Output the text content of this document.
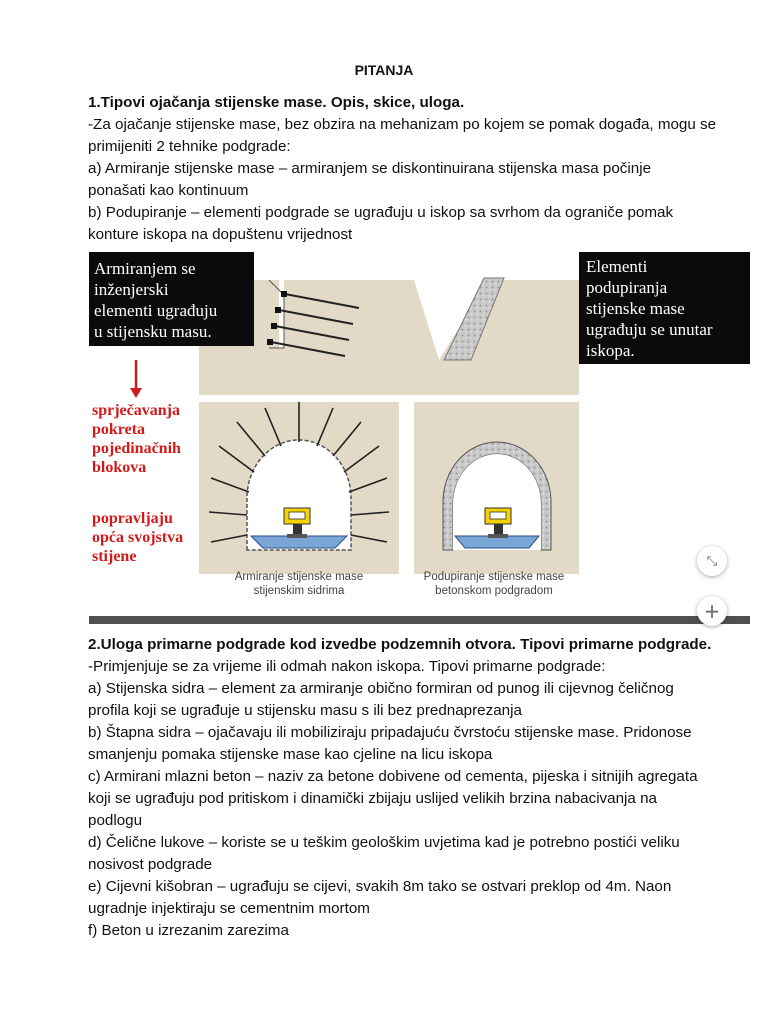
PITANJA

1.Tipovi ojačanja stijenske mase. Opis, skice, uloga.

-Za ojačanje stijenske mase, bez obzira na mehanizam po kojem se pomak događa, mogu se

primijeniti 2 tehnike podgrade:

a) Armiranje stijenske mase – armiranjem se diskontinuirana stijenska masa počinje

ponašati kao kontinuum

b) Podupiranje – elementi podgrade se ugrađuju u iskop sa svrhom da ograniče pomak

konture iskopa na dopuštenu vrijednost

Armiranjem se
inženjerski
elementi ugrađuju
u stijensku masu.
Elementi
podupiranja
stijenske mase
ugrađuju se unutar
iskopa.
sprječavanja
pokreta
pojedinačnih
blokova
popravljaju
opća svojstva
stijene
Armiranje stijenske mase
stijenskim sidrima
Podupiranje stijenske mase
betonskom podgradom
⤡
+

2.Uloga primarne podgrade kod izvedbe podzemnih otvora. Tipovi primarne podgrade.

-Primjenjuje se za vrijeme ili odmah nakon iskopa. Tipovi primarne podgrade:

a) Stijenska sidra – element za armiranje obično formiran od punog ili cijevnog čeličnog

profila koji se ugrađuje u stijensku masu s ili bez prednaprezanja

b) Štapna sidra – ojačavaju ili mobiliziraju pripadajuću čvrstoću stijenske mase. Pridonose

smanjenju pomaka stijenske mase kao cjeline na licu iskopa

c) Armirani mlazni beton – naziv za betone dobivene od cementa, pijeska i sitnijih agregata

koji se ugrađuju pod pritiskom i dinamički zbijaju uslijed velikih brzina nabacivanja na

podlogu

d) Čelične lukove – koriste se u teškim geološkim uvjetima kad je potrebno postići veliku

nosivost podgrade

e) Cijevni kišobran – ugrađuju se cijevi, svakih 8m tako se ostvari preklop od 4m. Naon

ugradnje injektiraju se cementnim mortom

f) Beton u izrezanim zarezima
